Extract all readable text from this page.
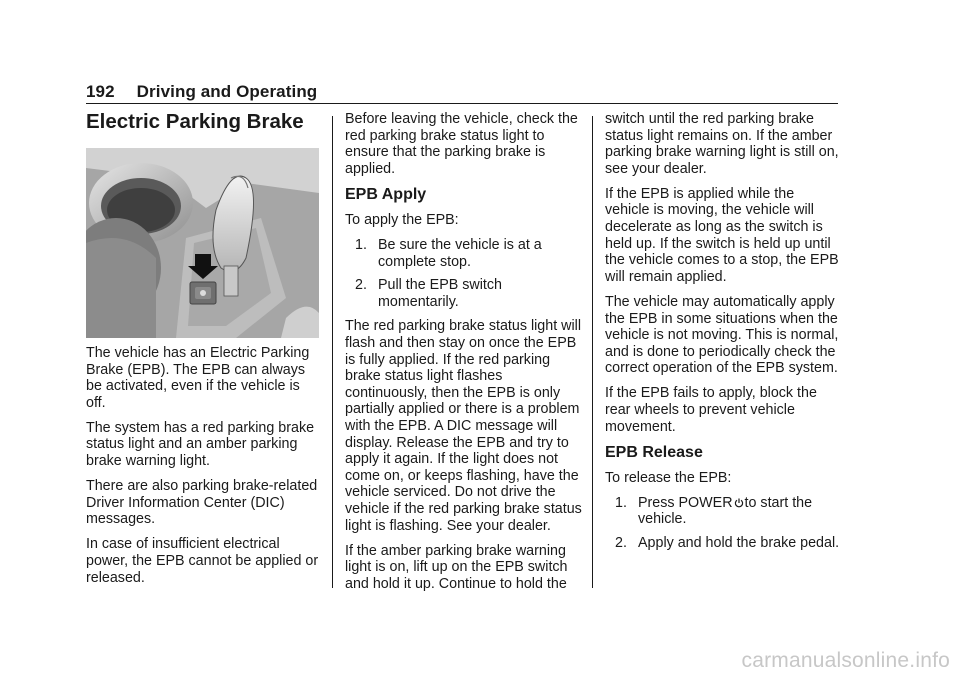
192 Driving and Operating
Electric Parking Brake

The vehicle has an Electric Parking Brake (EPB). The EPB can always be activated, even if the vehicle is off.

The system has a red parking brake status light and an amber parking brake warning light.

There are also parking brake-related Driver Information Center (DIC) messages.

In case of insufficient electrical power, the EPB cannot be applied or released.

Before leaving the vehicle, check the red parking brake status light to ensure that the parking brake is applied.

EPB Apply

To apply the EPB:

1. Be sure the vehicle is at a complete stop.
2. Pull the EPB switch momentarily.

The red parking brake status light will flash and then stay on once the EPB is fully applied. If the red parking brake status light flashes continuously, then the EPB is only partially applied or there is a problem with the EPB. A DIC message will display. Release the EPB and try to apply it again. If the light does not come on, or keeps flashing, have the vehicle serviced. Do not drive the vehicle if the red parking brake status light is flashing. See your dealer.

If the amber parking brake warning light is on, lift up on the EPB switch and hold it up. Continue to hold the

switch until the red parking brake status light remains on. If the amber parking brake warning light is still on, see your dealer.

If the EPB is applied while the vehicle is moving, the vehicle will decelerate as long as the switch is held up. If the switch is held up until the vehicle comes to a stop, the EPB will remain applied.

The vehicle may automatically apply the EPB in some situations when the vehicle is not moving. This is normal, and is done to periodically check the correct operation of the EPB system.

If the EPB fails to apply, block the rear wheels to prevent vehicle movement.

EPB Release

To release the EPB:

1. Press POWER to start the vehicle.
2. Apply and hold the brake pedal.
carmanualsonline.info
